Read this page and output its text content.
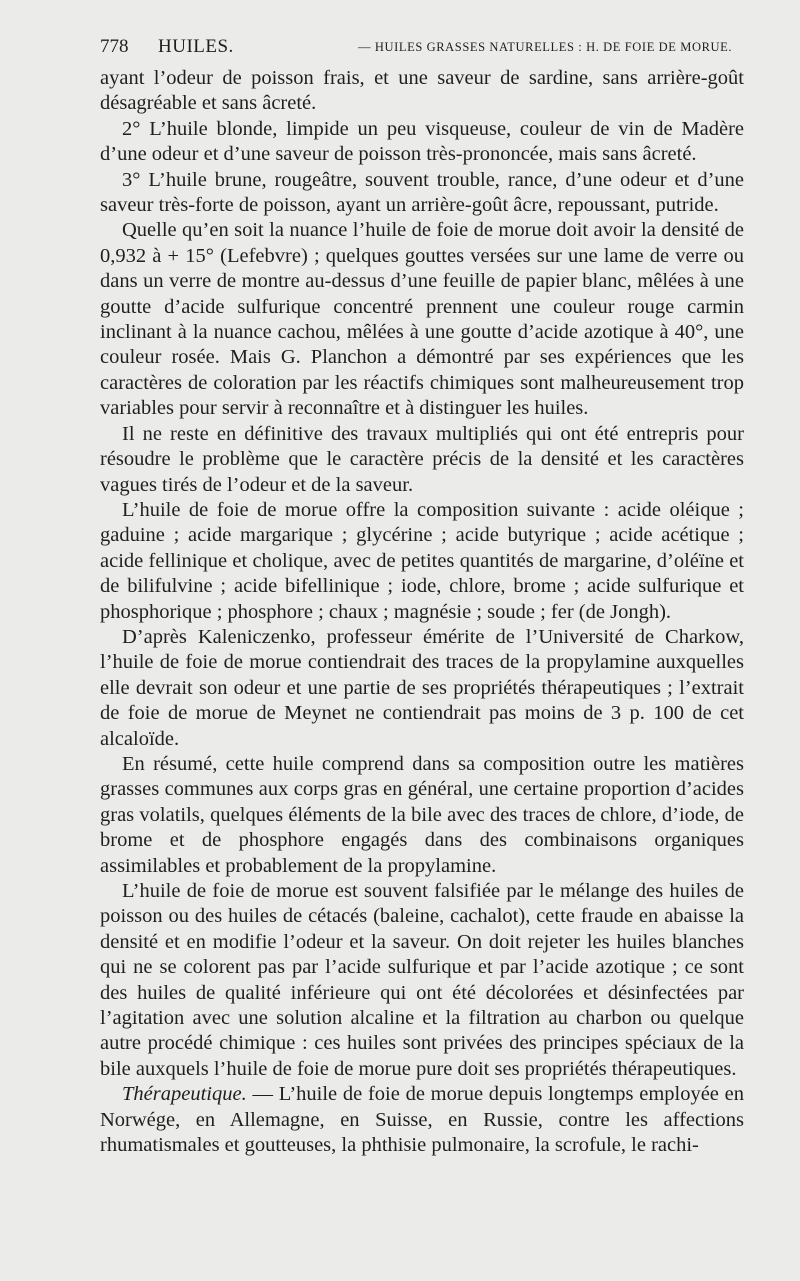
778 HUILES.	— HUILES GRASSES NATURELLES : H. DE FOIE DE MORUE.

ayant l’odeur de poisson frais, et une saveur de sardine, sans arrière-goût désagréable et sans âcreté.

2° L’huile blonde, limpide un peu visqueuse, couleur de vin de Madère d’une odeur et d’une saveur de poisson très-prononcée, mais sans âcreté.

3° L’huile brune, rougeâtre, souvent trouble, rance, d’une odeur et d’une saveur très-forte de poisson, ayant un arrière-goût âcre, repoussant, putride.

Quelle qu’en soit la nuance l’huile de foie de morue doit avoir la densité de 0,932 à + 15° (Lefebvre) ; quelques gouttes versées sur une lame de verre ou dans un verre de montre au-dessus d’une feuille de papier blanc, mêlées à une goutte d’acide sulfurique concentré prennent une couleur rouge carmin inclinant à la nuance cachou, mêlées à une goutte d’acide azotique à 40°, une couleur rosée. Mais G. Planchon a démontré par ses expériences que les caractères de coloration par les réactifs chimiques sont malheureusement trop variables pour servir à reconnaître et à distinguer les huiles.

Il ne reste en définitive des travaux multipliés qui ont été entrepris pour résoudre le problème que le caractère précis de la densité et les caractères vagues tirés de l’odeur et de la saveur.

L’huile de foie de morue offre la composition suivante : acide oléique ; gaduine ; acide margarique ; glycérine ; acide butyrique ; acide acétique ; acide fellinique et cholique, avec de petites quantités de margarine, d’oléïne et de bilifulvine ; acide bifellinique ; iode, chlore, brome ; acide sulfurique et phosphorique ; phosphore ; chaux ; magnésie ; soude ; fer (de Jongh).

D’après Kaleniczenko, professeur émérite de l’Université de Charkow, l’huile de foie de morue contiendrait des traces de la propylamine auxquelles elle devrait son odeur et une partie de ses propriétés thérapeutiques ; l’extrait de foie de morue de Meynet ne contiendrait pas moins de 3 p. 100 de cet alcaloïde.

En résumé, cette huile comprend dans sa composition outre les matières grasses communes aux corps gras en général, une certaine proportion d’acides gras volatils, quelques éléments de la bile avec des traces de chlore, d’iode, de brome et de phosphore engagés dans des combinaisons organiques assimilables et probablement de la propylamine.

L’huile de foie de morue est souvent falsifiée par le mélange des huiles de poisson ou des huiles de cétacés (baleine, cachalot), cette fraude en abaisse la densité et en modifie l’odeur et la saveur. On doit rejeter les huiles blanches qui ne se colorent pas par l’acide sulfurique et par l’acide azotique ; ce sont des huiles de qualité inférieure qui ont été décolorées et désinfectées par l’agitation avec une solution alcaline et la filtration au charbon ou quelque autre procédé chimique : ces huiles sont privées des principes spéciaux de la bile auxquels l’huile de foie de morue pure doit ses propriétés thérapeutiques.

Thérapeutique. — L’huile de foie de morue depuis longtemps employée en Norwége, en Allemagne, en Suisse, en Russie, contre les affections rhumatismales et goutteuses, la phthisie pulmonaire, la scrofule, le rachi-
